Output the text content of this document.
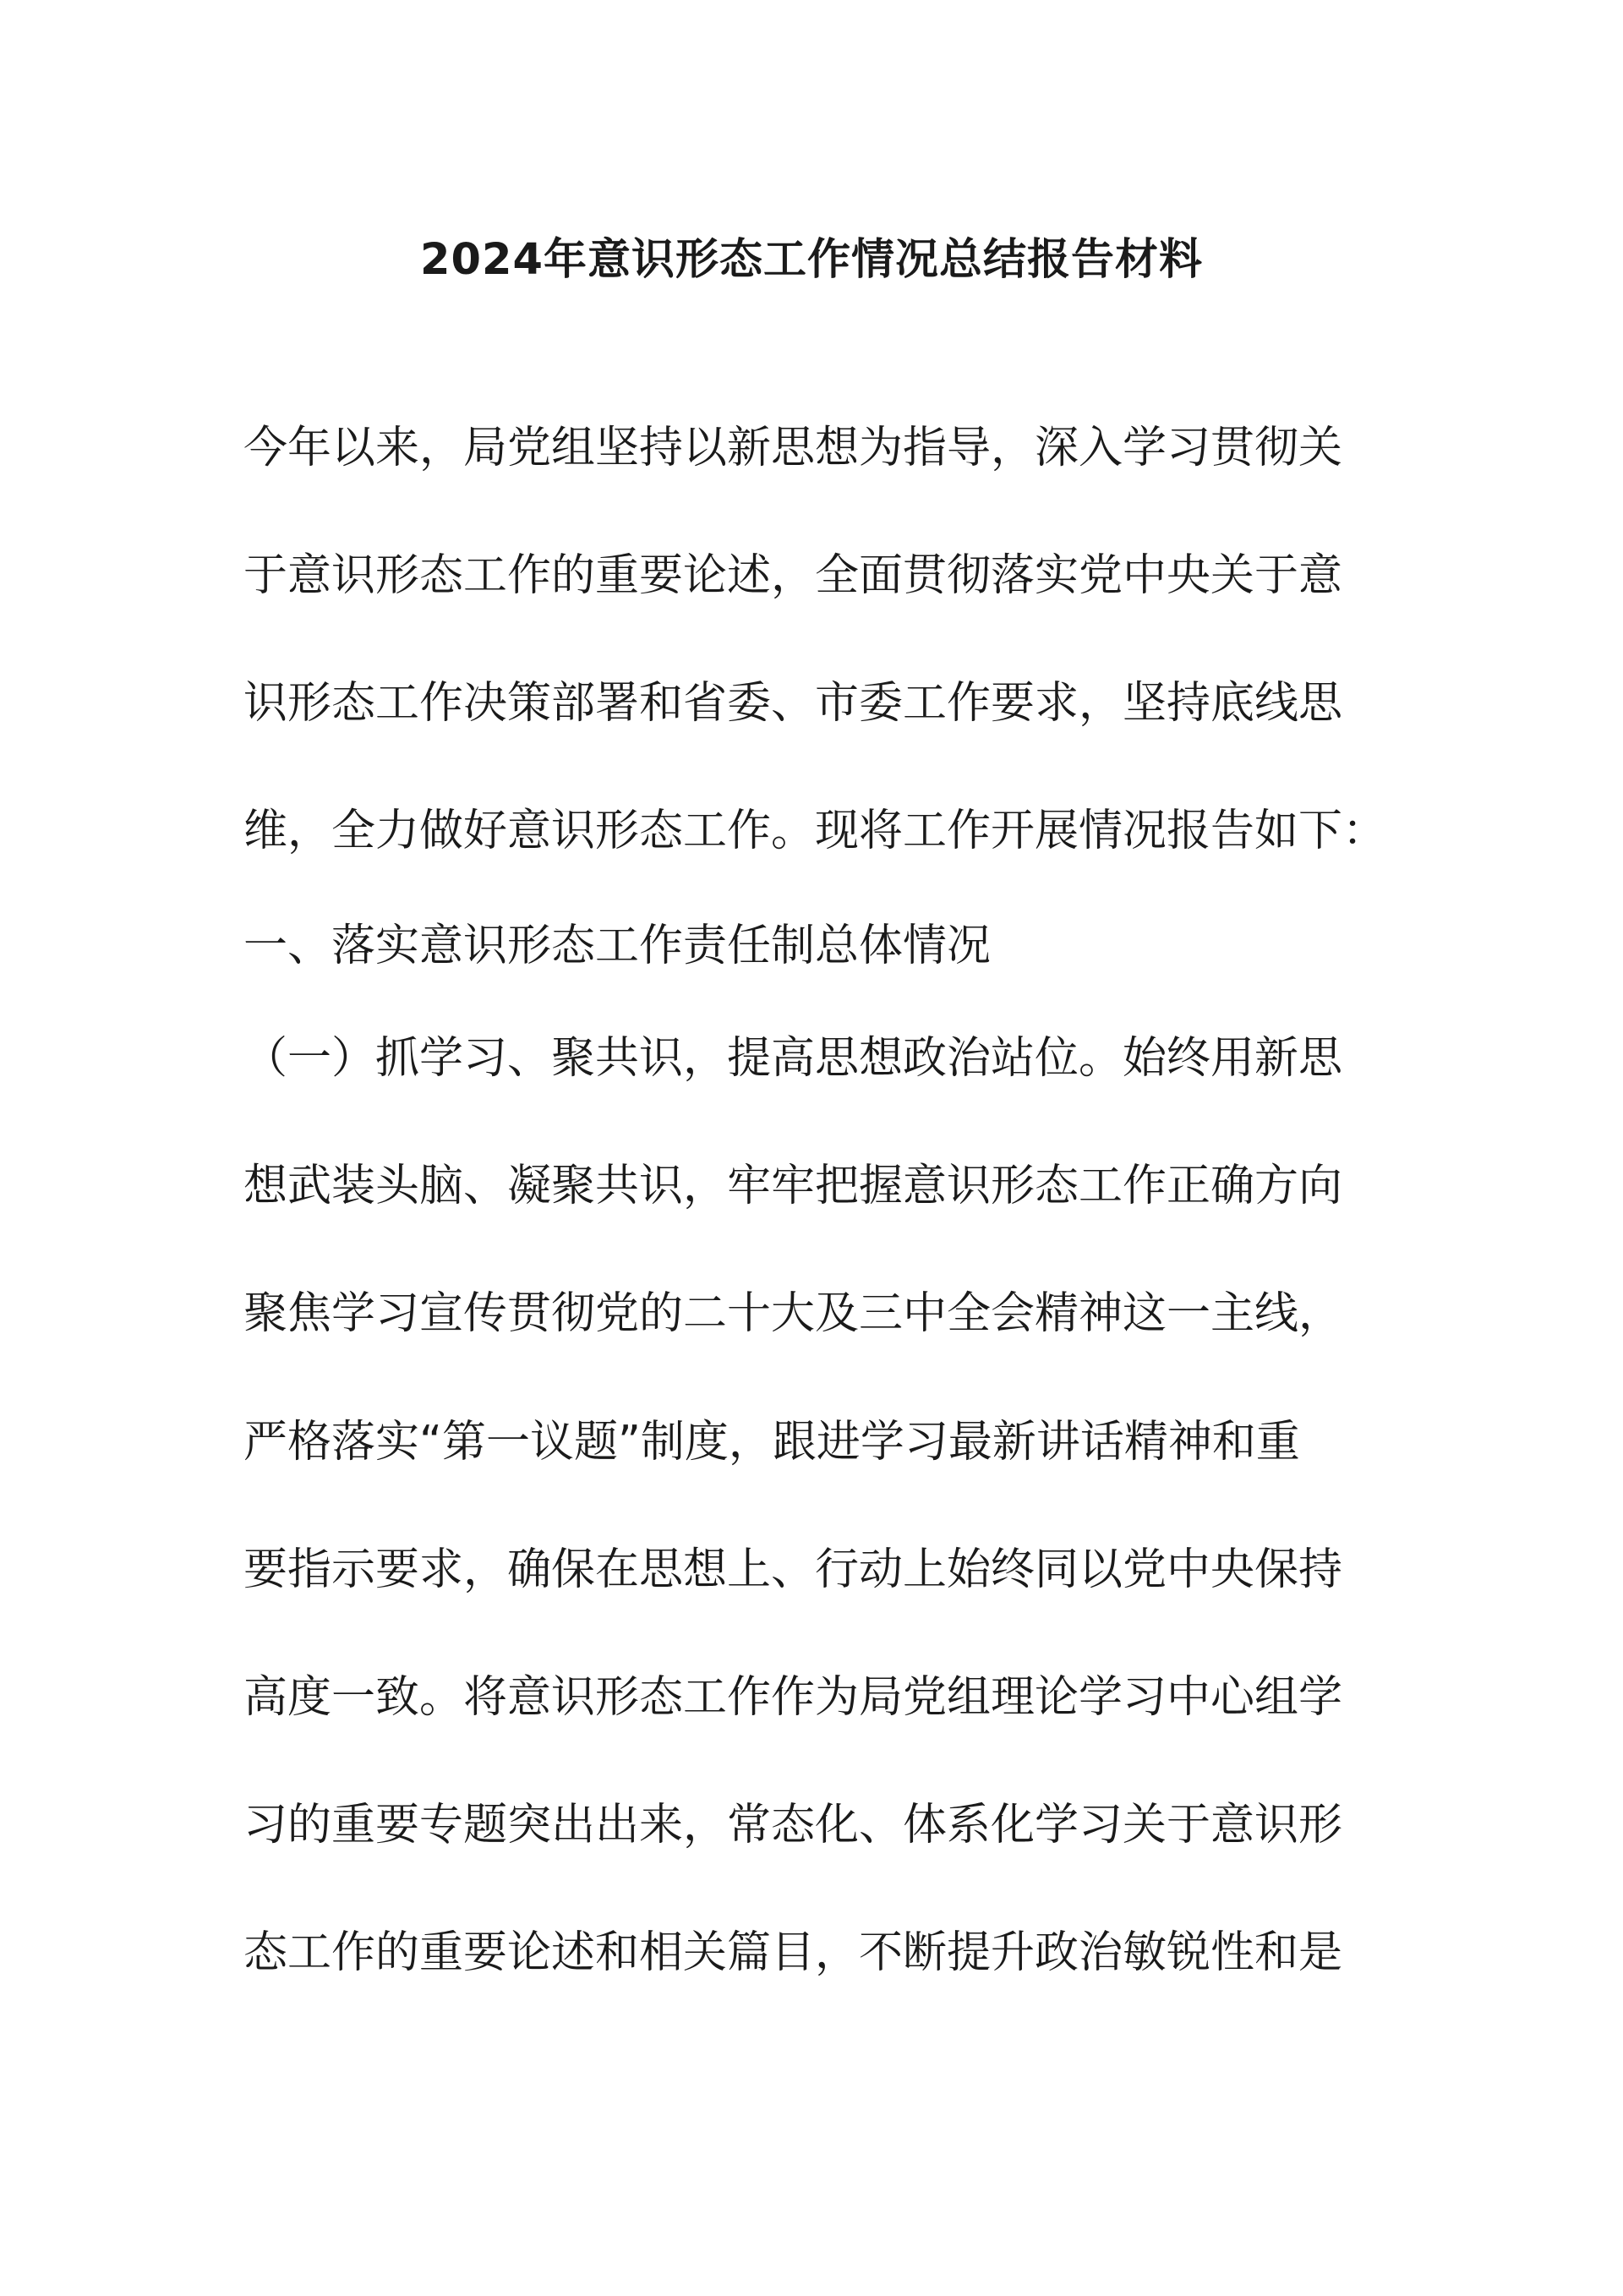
2024年意识形态工作情况总结报告材料

今年以来，局党组坚持以新思想为指导，深入学习贯彻关

于意识形态工作的重要论述，全面贯彻落实党中央关于意

识形态工作决策部署和省委、市委工作要求，坚持底线思

维，全力做好意识形态工作。现将工作开展情况报告如下：

一、落实意识形态工作责任制总体情况

（一）抓学习、聚共识，提高思想政治站位。始终用新思

想武装头脑、凝聚共识，牢牢把握意识形态工作正确方向

聚焦学习宣传贯彻党的二十大及三中全会精神这一主线，

严格落实“第一议题”制度，跟进学习最新讲话精神和重

要指示要求，确保在思想上、行动上始终同以党中央保持

高度一致。将意识形态工作作为局党组理论学习中心组学

习的重要专题突出出来，常态化、体系化学习关于意识形

态工作的重要论述和相关篇目，不断提升政治敏锐性和是
